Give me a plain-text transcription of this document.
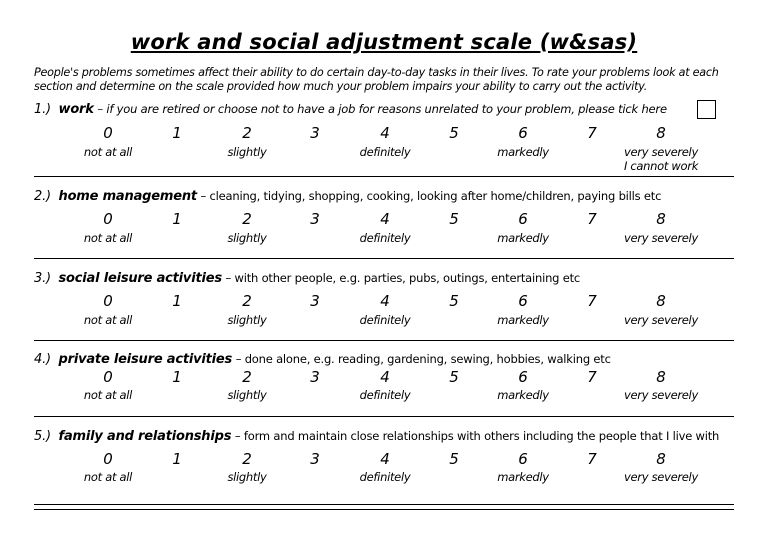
work and social adjustment scale (w&sas)
People's problems sometimes affect their ability to do certain day-to-day tasks in their lives. To rate your problems look at each section and determine on the scale provided how much your problem impairs your ability to carry out the activity.
1.) work – if you are retired or choose not to have a job for reasons unrelated to your problem, please tick here
0	1	2	3	4	5	6	7	8
not at all	slightly	definitely	markedly	very severely
I cannot work
2.) home management – cleaning, tidying, shopping, cooking, looking after home/children, paying bills etc
0	1	2	3	4	5	6	7	8
not at all	slightly	definitely	markedly	very severely
3.) social leisure activities – with other people, e.g. parties, pubs, outings, entertaining etc
0	1	2	3	4	5	6	7	8
not at all	slightly	definitely	markedly	very severely
4.) private leisure activities – done alone, e.g. reading, gardening, sewing, hobbies, walking etc
0	1	2	3	4	5	6	7	8
not at all	slightly	definitely	markedly	very severely
5.) family and relationships – form and maintain close relationships with others including the people that I live with
0	1	2	3	4	5	6	7	8
not at all	slightly	definitely	markedly	very severely
